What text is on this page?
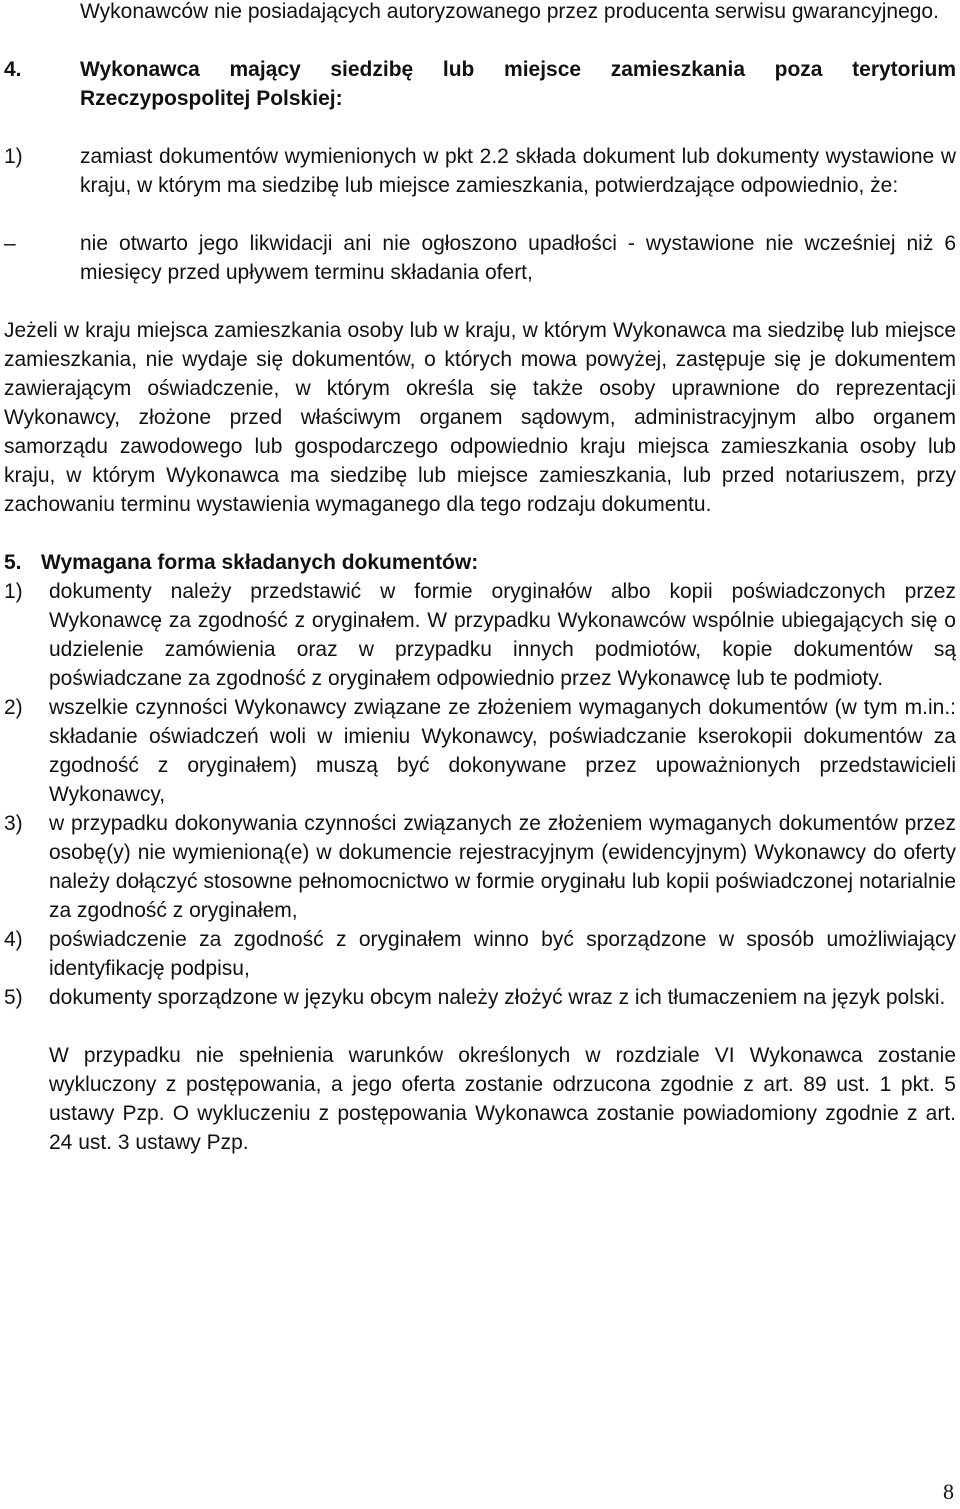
Wykonawców nie posiadających autoryzowanego przez producenta serwisu gwarancyjnego.

4.	Wykonawca mający siedzibę lub miejsce zamieszkania poza terytorium Rzeczypospolitej Polskiej:
1)	zamiast dokumentów wymienionych w pkt 2.2 składa dokument lub dokumenty wystawione w kraju, w którym ma siedzibę lub miejsce zamieszkania, potwierdzające odpowiednio, że:
–	nie otwarto jego likwidacji ani nie ogłoszono upadłości - wystawione nie wcześniej niż 6 miesięcy przed upływem terminu składania ofert,

Jeżeli w kraju miejsca zamieszkania osoby lub w kraju, w którym Wykonawca ma siedzibę lub miejsce zamieszkania, nie wydaje się dokumentów, o których mowa powyżej, zastępuje się je dokumentem zawierającym oświadczenie, w którym określa się także osoby uprawnione do reprezentacji Wykonawcy, złożone przed właściwym organem sądowym, administracyjnym albo organem samorządu zawodowego lub gospodarczego odpowiednio kraju miejsca zamieszkania osoby lub kraju, w którym Wykonawca ma siedzibę lub miejsce zamieszkania, lub przed notariuszem, przy zachowaniu terminu wystawienia wymaganego dla tego rodzaju dokumentu.

5. Wymagana forma składanych dokumentów:
1)	dokumenty należy przedstawić w formie oryginałów albo kopii poświadczonych przez Wykonawcę za zgodność z oryginałem. W przypadku Wykonawców wspólnie ubiegających się o udzielenie zamówienia oraz w przypadku innych podmiotów, kopie dokumentów są poświadczane za zgodność z oryginałem odpowiednio przez Wykonawcę lub te podmioty.
2)	wszelkie czynności Wykonawcy związane ze złożeniem wymaganych dokumentów (w tym m.in.: składanie oświadczeń woli w imieniu Wykonawcy, poświadczanie kserokopii dokumentów za zgodność z oryginałem) muszą być dokonywane przez upoważnionych przedstawicieli Wykonawcy,
3)	w przypadku dokonywania czynności związanych ze złożeniem wymaganych dokumentów przez osobę(y) nie wymienioną(e) w dokumencie rejestracyjnym (ewidencyjnym) Wykonawcy do oferty należy dołączyć stosowne pełnomocnictwo w formie oryginału lub kopii poświadczonej notarialnie za zgodność z oryginałem,
4)	poświadczenie za zgodność z oryginałem winno być sporządzone w sposób umożliwiający identyfikację podpisu,
5)	dokumenty sporządzone w języku obcym należy złożyć wraz z ich tłumaczeniem na język polski.

W przypadku nie spełnienia warunków określonych w rozdziale VI Wykonawca zostanie wykluczony z postępowania, a jego oferta zostanie odrzucona zgodnie z art. 89 ust. 1 pkt. 5 ustawy Pzp. O wykluczeniu z postępowania Wykonawca zostanie powiadomiony zgodnie z art. 24 ust. 3 ustawy Pzp.

8
